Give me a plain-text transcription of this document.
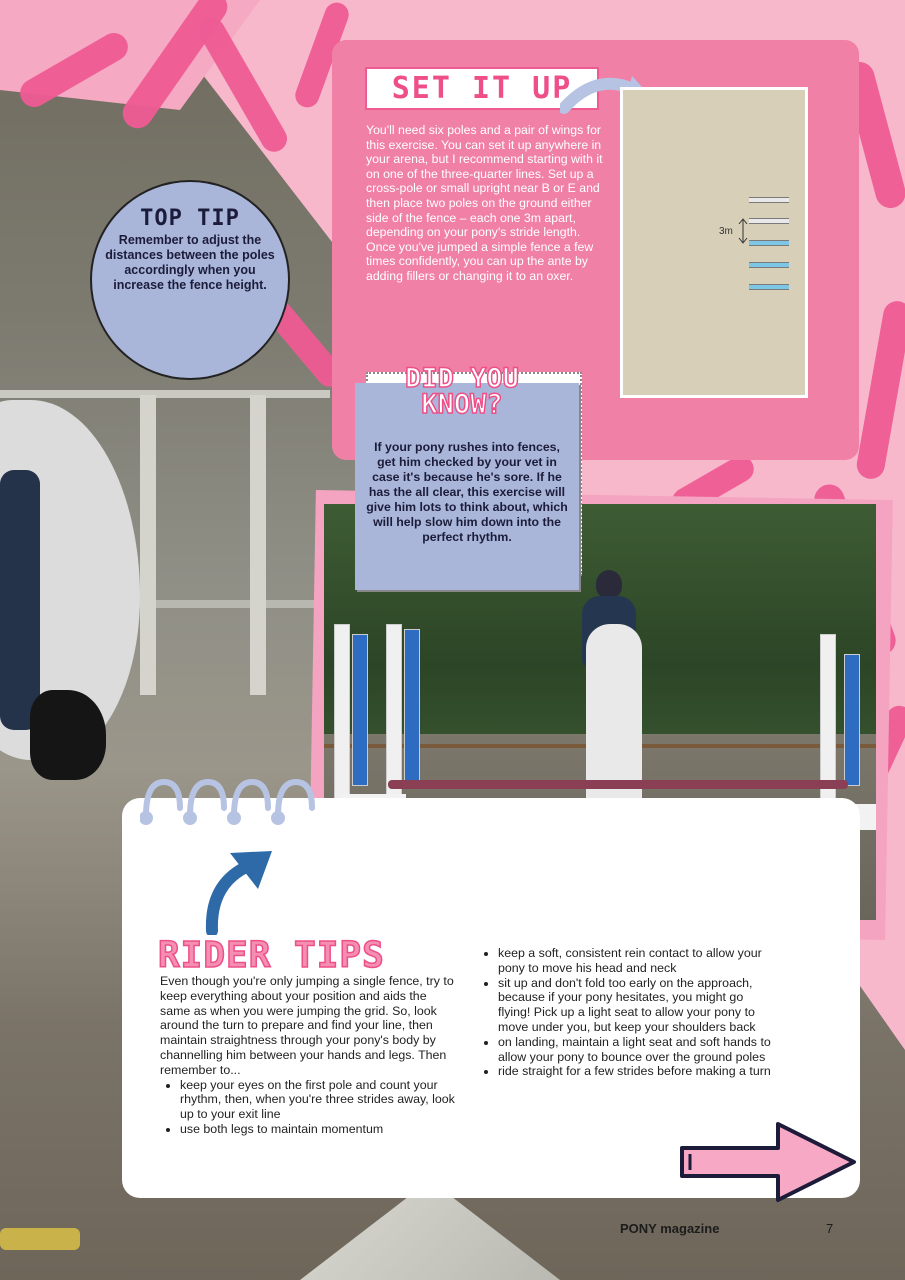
SET IT UP
You'll need six poles and a pair of wings for this exercise. You can set it up anywhere in your arena, but I recommend starting with it on one of the three-quarter lines. Set up a cross-pole or small upright near B or E and then place two poles on the ground either side of the fence – each one 3m apart, depending on your pony's stride length. Once you've jumped a simple fence a few times confidently, you can up the ante by adding fillers or changing it to an oxer.
3m
TOP TIP

Remember to adjust the distances between the poles accordingly when you increase the fence height.

DID YOU
KNOW?
If your pony rushes into fences, get him checked by your vet in case it's because he's sore. If he has the all clear, this exercise will give him lots to think about, which will help slow him down into the perfect rhythm.
RIDER TIPS
Even though you're only jumping a single fence, try to keep everything about your position and aids the same as when you were jumping the grid. So, look around the turn to prepare and find your line, then maintain straightness through your pony's body by channelling him between your hands and legs. Then remember to...
• keep your eyes on the first pole and count your rhythm, then, when you're three strides away, look up to your exit line
• use both legs to maintain momentum
• keep a soft, consistent rein contact to allow your pony to move his head and neck
• sit up and don't fold too early on the approach, because if your pony hesitates, you might go flying! Pick up a light seat to allow your pony to move under you, but keep your shoulders back
• on landing, maintain a light seat and soft hands to allow your pony to bounce over the ground poles
• ride straight for a few strides before making a turn
PONY magazine	7
